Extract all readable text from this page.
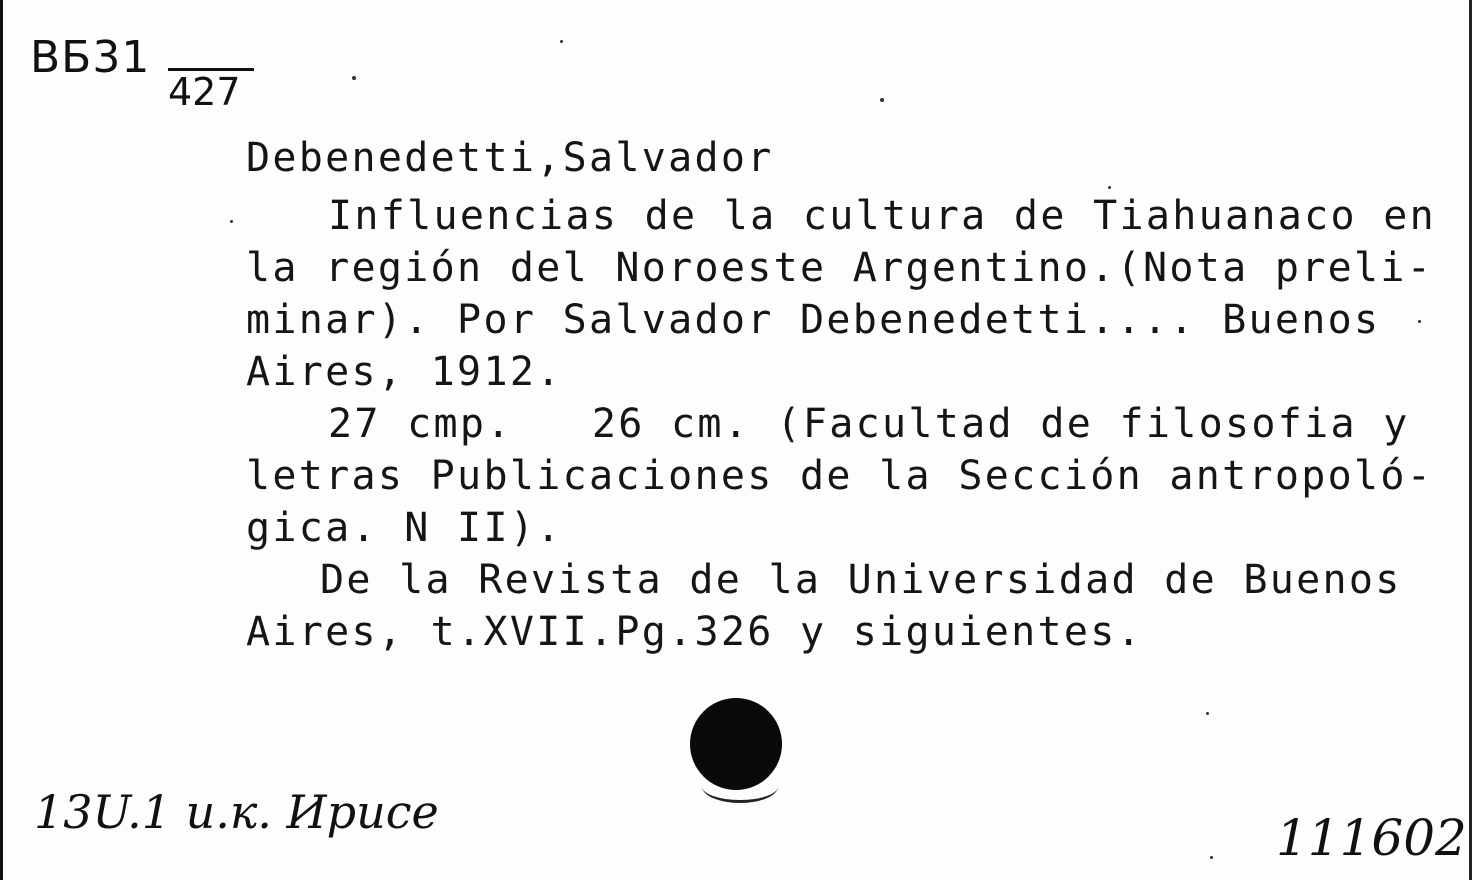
BБ31
427
Debenedetti,Salvador
Influencias de la cultura de Tiahuanaco en
la región del Noroeste Argentino.(Nota preli-
minar). Por Salvador Debenedetti.... Buenos
Aires, 1912.
27 cmp.   26 cm. (Facultad de filosofia y
letras Publicaciones de la Sección antropoló-
gica. N II).
De la Revista de la Universidad de Buenos
Aires, t.XVII.Pg.326 y siguientes.
13U.1 u.к. Ирисе	111602
